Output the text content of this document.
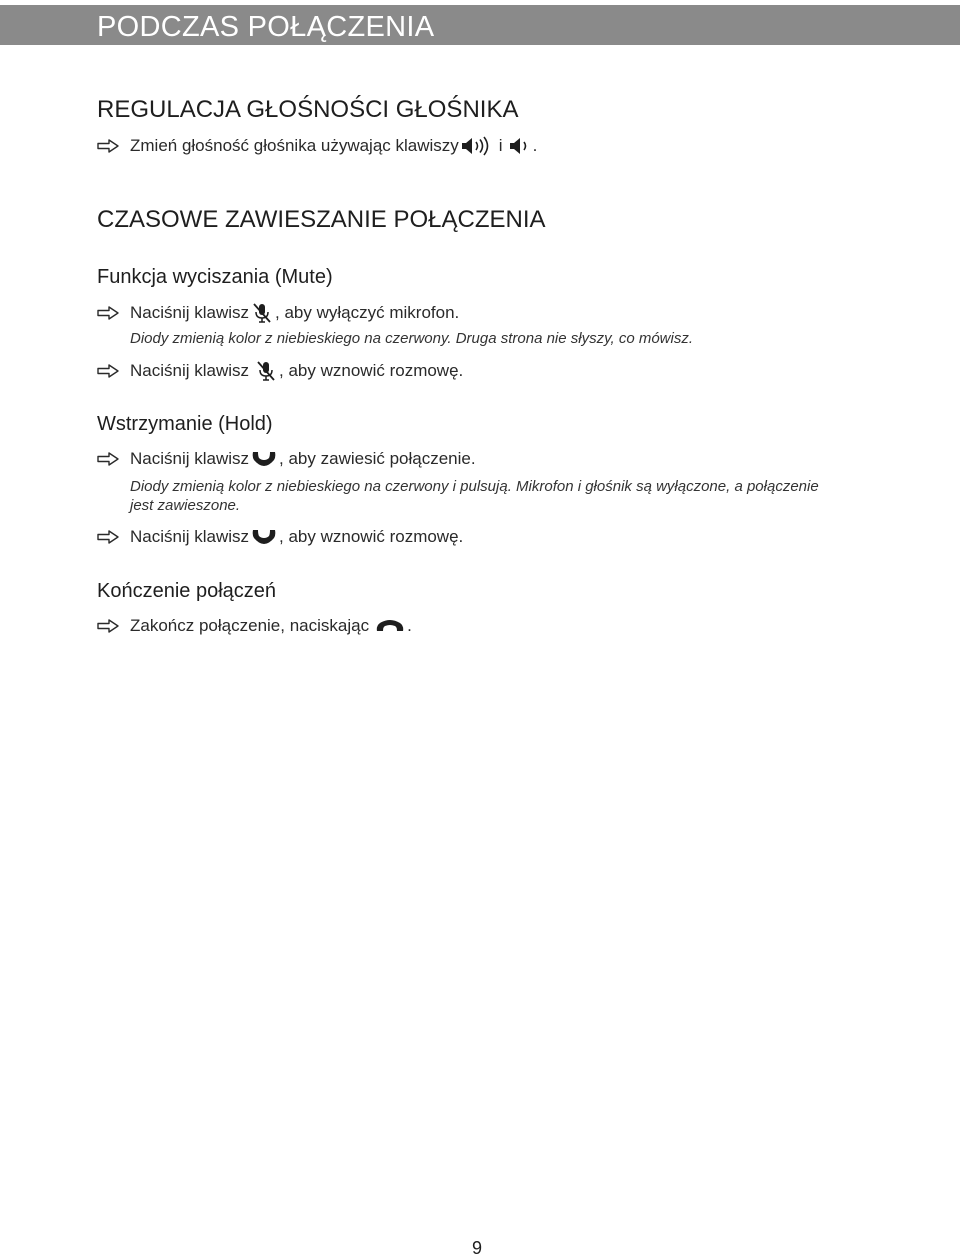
PODCZAS POŁĄCZENIA
REGULACJA GŁOŚNOŚCI GŁOŚNIKA
Zmień głośność głośnika używając klawiszy i .
CZASOWE ZAWIESZANIE POŁĄCZENIA
Funkcja wyciszania (Mute)
Naciśnij klawisz , aby wyłączyć mikrofon.
Diody zmienią kolor z niebieskiego na czerwony. Druga strona nie słyszy, co mówisz.
Naciśnij klawisz , aby wznowić rozmowę.
Wstrzymanie (Hold)
Naciśnij klawisz , aby zawiesić połączenie.
Diody zmienią kolor z niebieskiego na czerwony i pulsują. Mikrofon i głośnik są wyłączone, a połączenie jest zawieszone.
Naciśnij klawisz , aby wznowić rozmowę.
Kończenie połączeń
Zakończ połączenie, naciskając .
9
